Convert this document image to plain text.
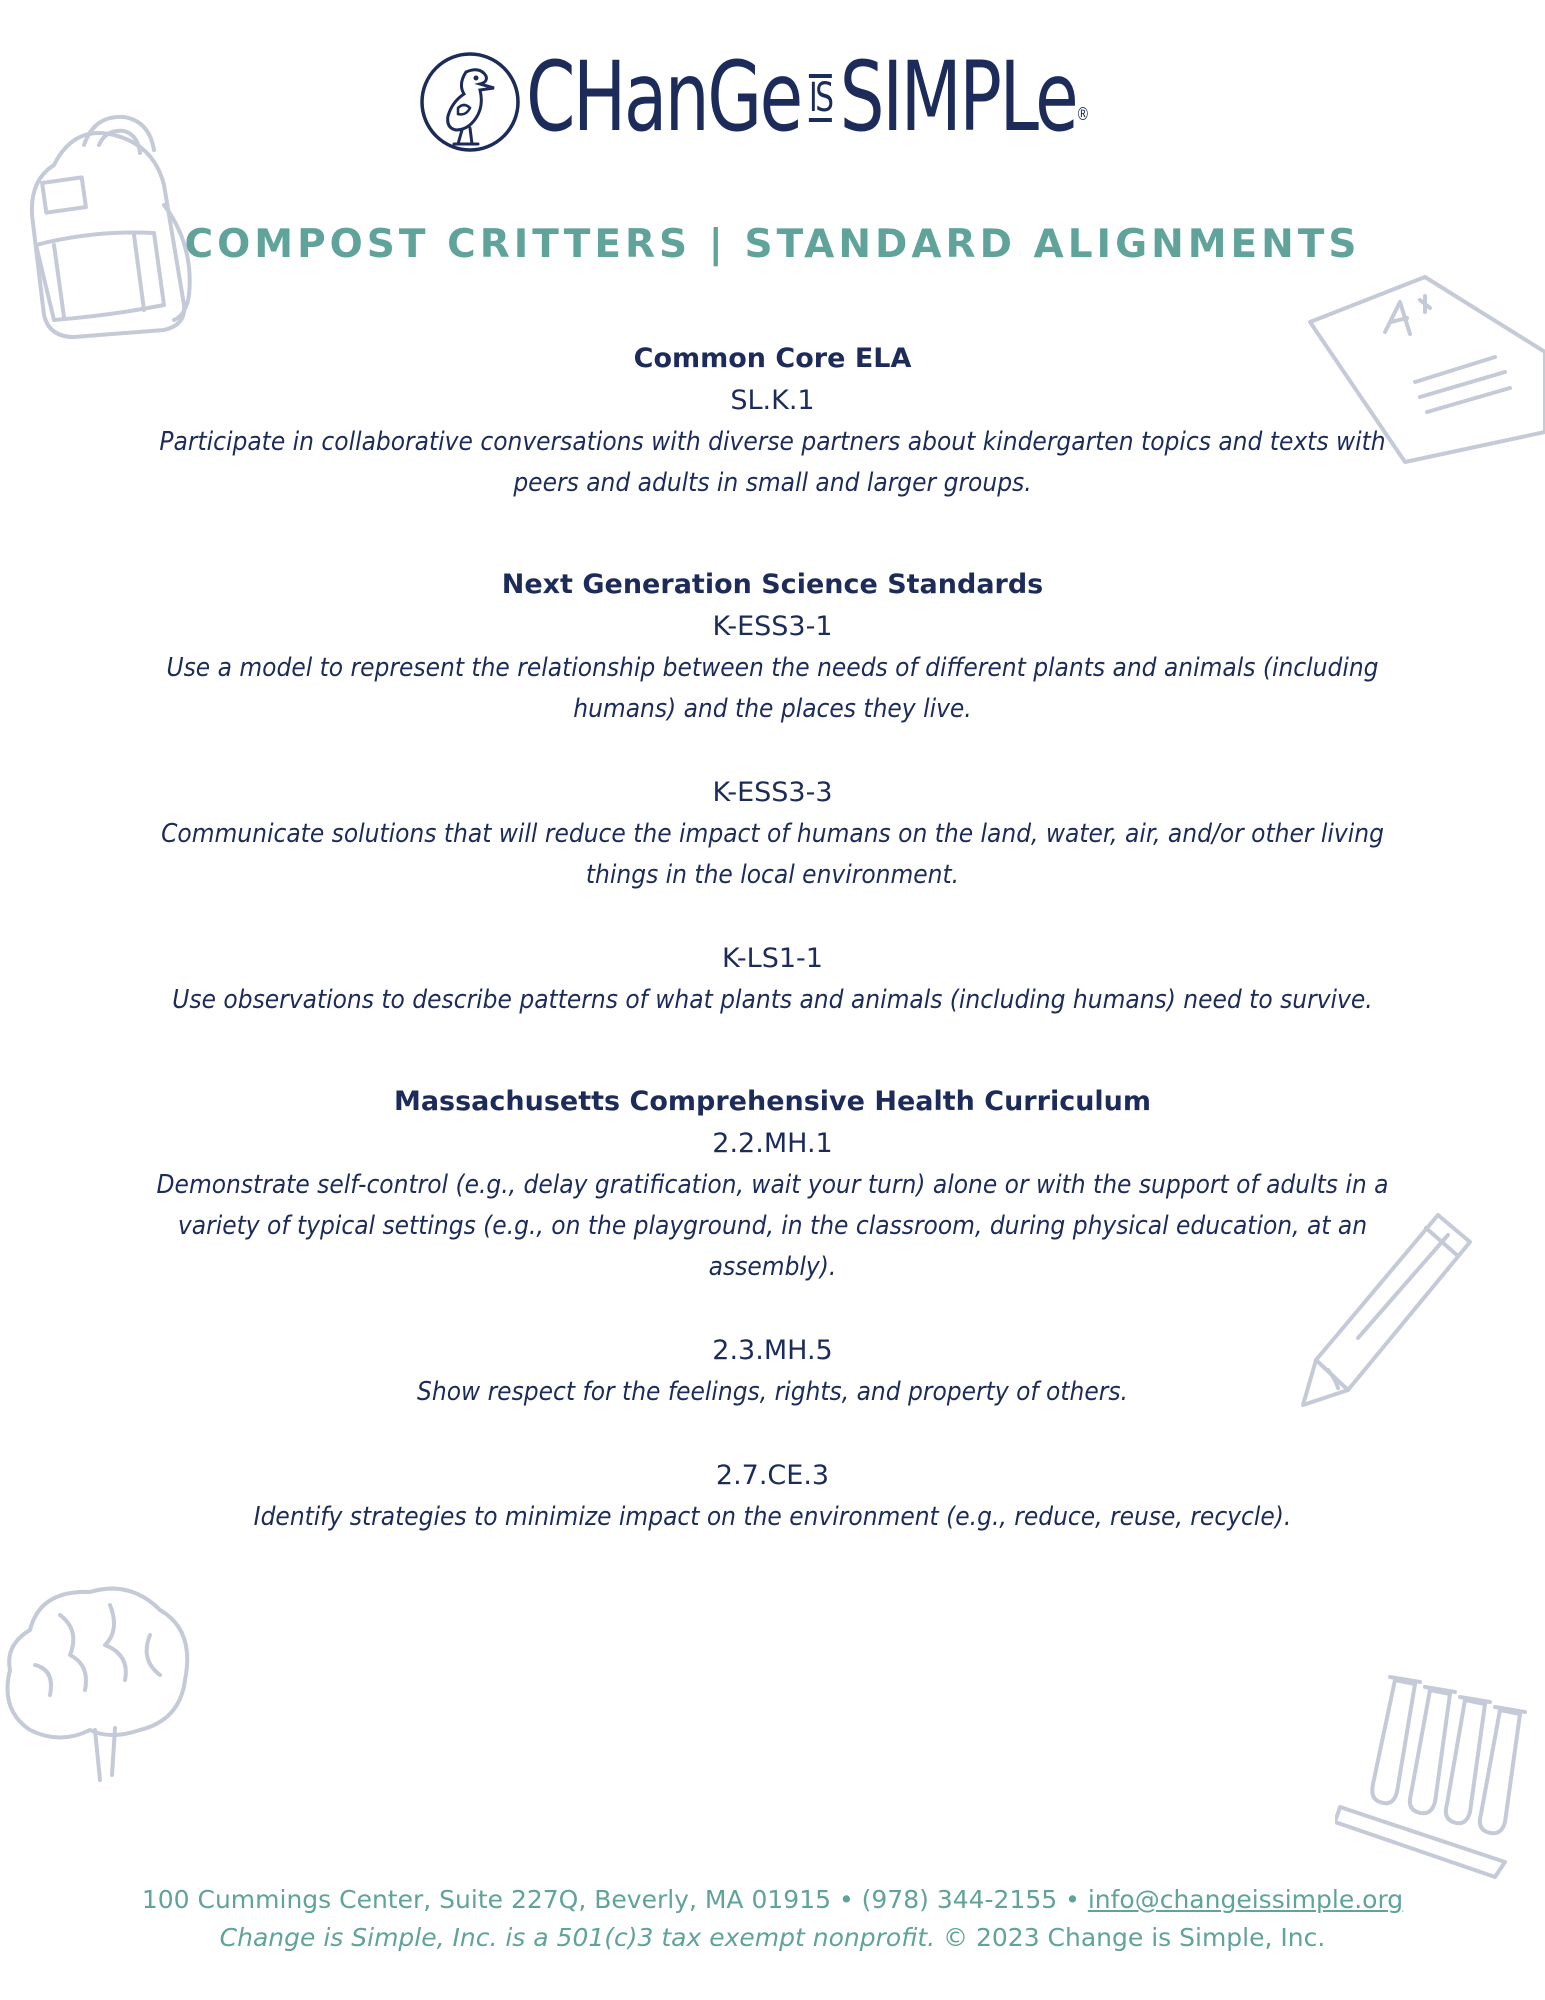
CHanGe ISSIMPLe®
COMPOST CRITTERS | STANDARD ALIGNMENTS
Common Core ELA
SL.K.1
Participate in collaborative conversations with diverse partners about kindergarten topics and texts with peers and adults in small and larger groups.
Next Generation Science Standards
K-ESS3-1
Use a model to represent the relationship between the needs of different plants and animals (including humans) and the places they live.
K-ESS3-3
Communicate solutions that will reduce the impact of humans on the land, water, air, and/or other living things in the local environment.
K-LS1-1
Use observations to describe patterns of what plants and animals (including humans) need to survive.
Massachusetts Comprehensive Health Curriculum
2.2.MH.1
Demonstrate self-control (e.g., delay gratification, wait your turn) alone or with the support of adults in a variety of typical settings (e.g., on the playground, in the classroom, during physical education, at an assembly).
2.3.MH.5
Show respect for the feelings, rights, and property of others.
2.7.CE.3
Identify strategies to minimize impact on the environment (e.g., reduce, reuse, recycle).
100 Cummings Center, Suite 227Q, Beverly, MA 01915 • (978) 344-2155 • info@changeissimple.org
Change is Simple, Inc. is a 501(c)3 tax exempt nonprofit. © 2023 Change is Simple, Inc.
